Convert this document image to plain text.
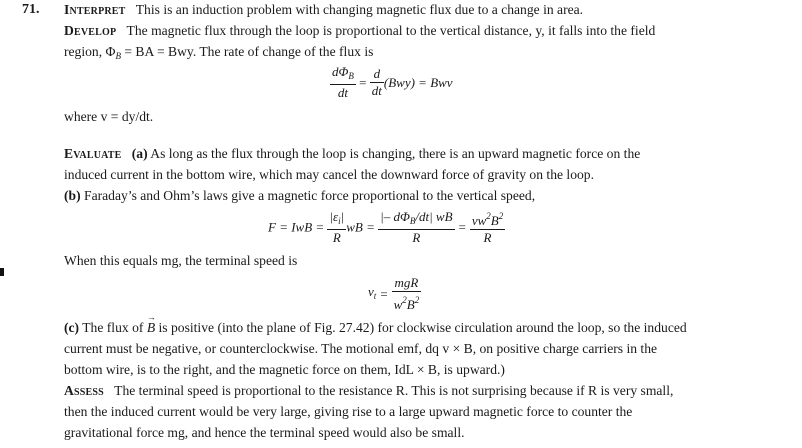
71. Interpret This is an induction problem with changing magnetic flux due to a change in area.
Develop The magnetic flux through the loop is proportional to the vertical distance, y, it falls into the field
region, $\Phi_B$ = BA = Bwy. The rate of change of the flux is
$\frac{d\Phi_B}{dt} = \frac{d}{dt} (Bwy)$ = Bwv
where v = dy/dt.
Evaluate (a) As long as the flux through the loop is changing, there is an upward magnetic force on the
induced current in the bottom wire, which may cancel the downward force of gravity on the loop.
(b) Faraday’s and Ohm’s laws give a magnetic force proportional to the vertical speed,
F = IwB = $\frac{|\varepsilon_i|}{R}$ wB = $\frac{|- d\Phi_B/dt| wB}{R} = \frac{vw^2B^2}{R}$
When this equals mg, the terminal speed is
$v_t = \frac{\text{mgR}}{w^2B^2}$
(c) The flux of → B is positive (into the plane of Fig. 27.42) for clockwise circulation around the loop, so the induced
current must be negative, or counterclockwise. The motional emf, dq v × B, on positive charge carriers in the
bottom wire, is to the right, and the magnetic force on them, IdL × B, is upward.)
Assess The terminal speed is proportional to the resistance R. This is not surprising because if R is very small,
then the induced current would be very large, giving rise to a large upward magnetic force to counter the
gravitational force mg, and hence the terminal speed would also be small.
